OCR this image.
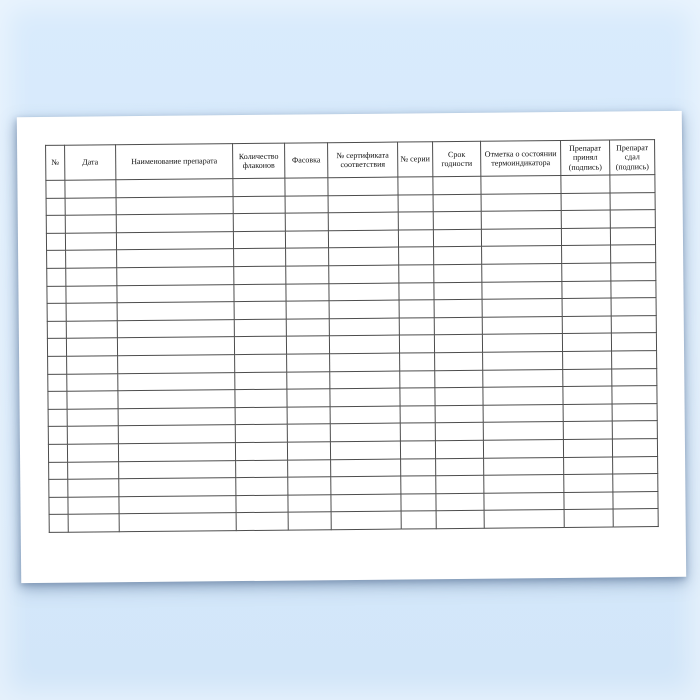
№	Дата	Наименование препарата	Количество флаконов	Фасовка	№ сертификата соответствия	№ серии	Срок годности	Отметка о состоянии термоиндикатора	Препарат принял (подпись)	Препарат сдал (подпись)
